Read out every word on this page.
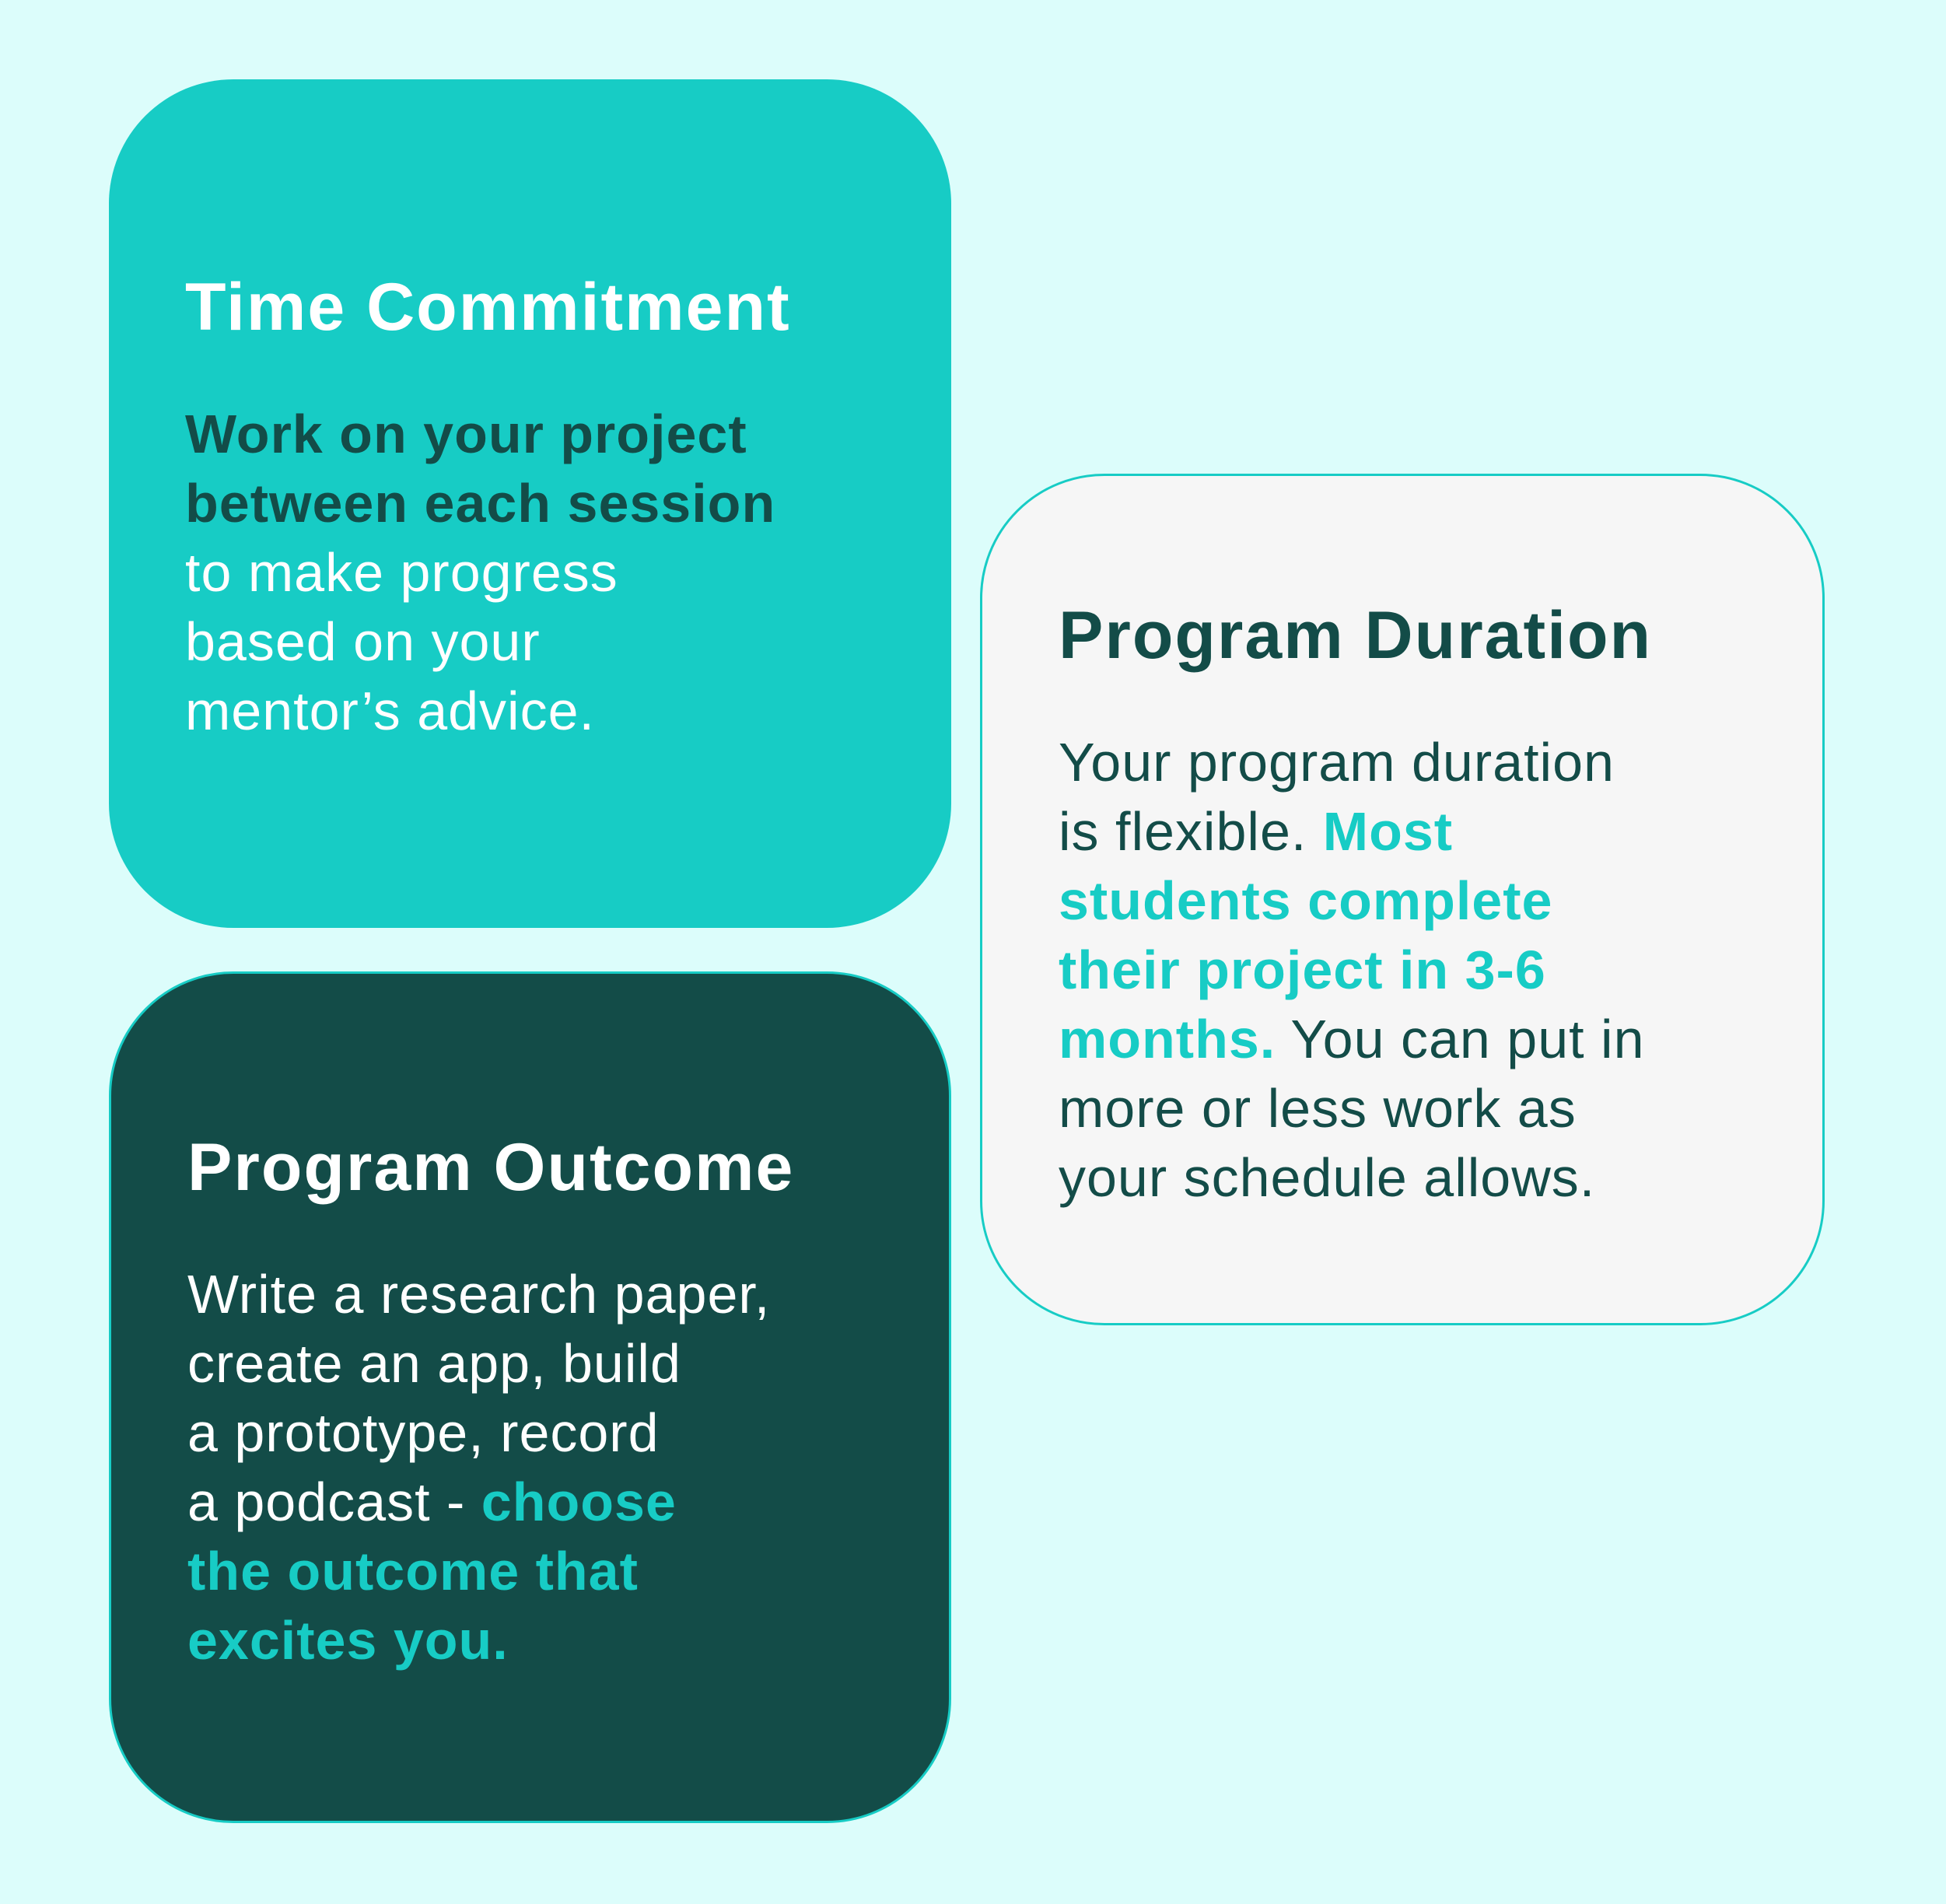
Time Commitment

Work on your project
between each session
to make progress
based on your
mentor’s advice.

Program Outcome

Write a research paper,
create an app, build
a prototype, record
a podcast - choose
the outcome that
excites you.

Program Duration

Your program duration
is flexible. Most
students complete
their project in 3-6
months. You can put in
more or less work as
your schedule allows.
